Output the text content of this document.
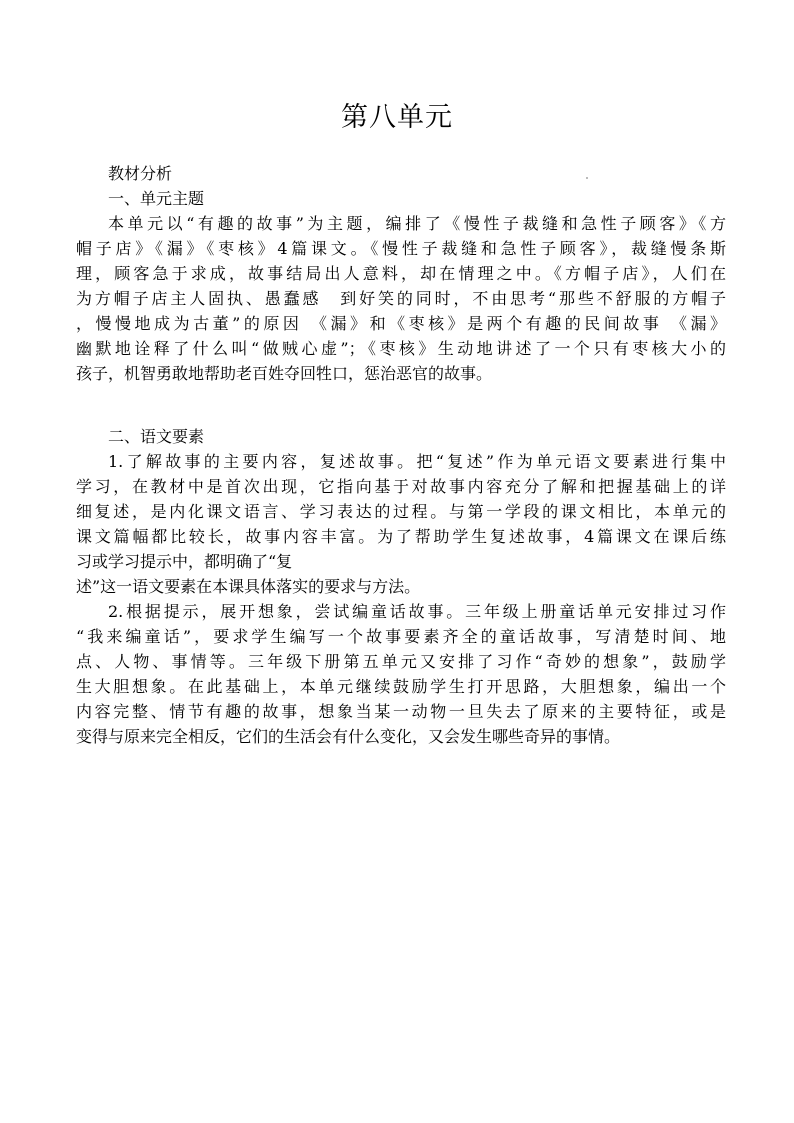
第八单元
教材分析
一、单元主题
本单元以“有趣的故事”为主题，编排了《慢性子裁缝和急性子顾客》《方
帽子店》《漏》《枣核》4篇课文。《慢性子裁缝和急性子顾客》，裁缝慢条斯
理，顾客急于求成，故事结局出人意料，却在情理之中。《方帽子店》，人们在
为方帽子店主人固执、愚蠢感　到好笑的同时，不由思考“那些不舒服的方帽子
，慢慢地成为古董”的原因 《漏》和《枣核》是两个有趣的民间故事 《漏》
幽默地诠释了什么叫“做贼心虚”；《枣核》生动地讲述了一个只有枣核大小的
孩子，机智勇敢地帮助老百姓夺回牲口，惩治恶官的故事。
二、语文要素
1.了解故事的主要内容，复述故事。把“复述”作为单元语文要素进行集中
学习，在教材中是首次出现，它指向基于对故事内容充分了解和把握基础上的详
细复述，是内化课文语言、学习表达的过程。与第一学段的课文相比，本单元的
课文篇幅都比较长，故事内容丰富。为了帮助学生复述故事，4篇课文在课后练
习或学习提示中，都明确了“复
述”这一语文要素在本课具体落实的要求与方法。
2.根据提示，展开想象，尝试编童话故事。三年级上册童话单元安排过习作
“我来编童话”，要求学生编写一个故事要素齐全的童话故事，写清楚时间、地
点、人物、事情等。三年级下册第五单元又安排了习作“奇妙的想象”，鼓励学
生大胆想象。在此基础上，本单元继续鼓励学生打开思路，大胆想象，编出一个
内容完整、情节有趣的故事，想象当某一动物一旦失去了原来的主要特征，或是
变得与原来完全相反，它们的生活会有什么变化，又会发生哪些奇异的事情。
